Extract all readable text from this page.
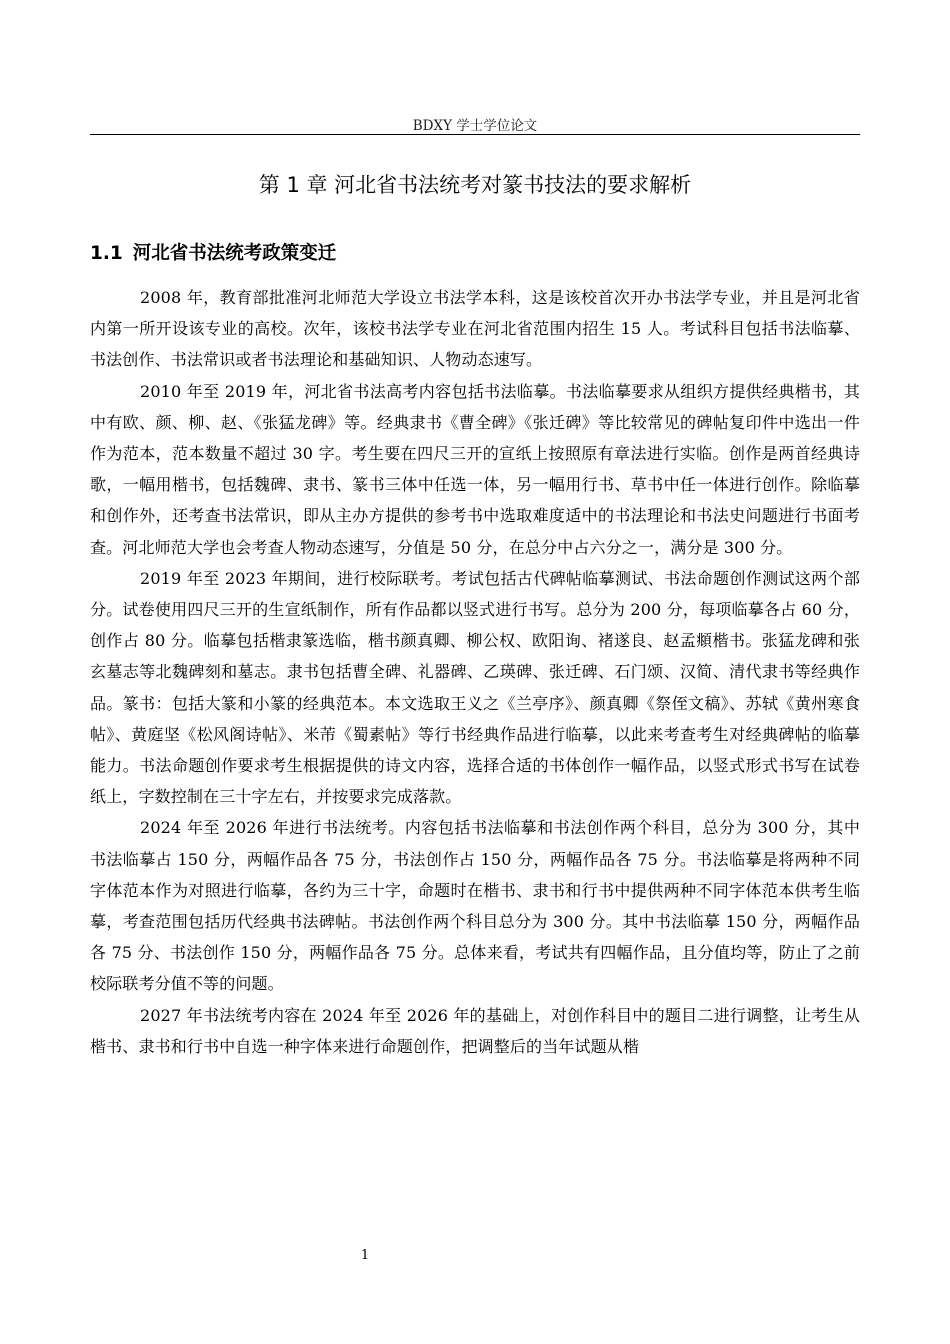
BDXY 学士学位论文
第 1 章 河北省书法统考对篆书技法的要求解析
1.1 河北省书法统考政策变迁

2008 年，教育部批准河北师范大学设立书法学本科，这是该校首次开办书法学专业，并且是河北省内第一所开设该专业的高校。次年，该校书法学专业在河北省范围内招生 15 人。考试科目包括书法临摹、书法创作、书法常识或者书法理论和基础知识、人物动态速写。

2010 年至 2019 年，河北省书法高考内容包括书法临摹。书法临摹要求从组织方提供经典楷书，其中有欧、颜、柳、赵、《张猛龙碑》等。经典隶书《曹全碑》《张迁碑》等比较常见的碑帖复印件中选出一件作为范本，范本数量不超过 30 字。考生要在四尺三开的宣纸上按照原有章法进行实临。创作是两首经典诗歌，一幅用楷书，包括魏碑、隶书、篆书三体中任选一体，另一幅用行书、草书中任一体进行创作。除临摹和创作外，还考查书法常识，即从主办方提供的参考书中选取难度适中的书法理论和书法史问题进行书面考查。河北师范大学也会考查人物动态速写，分值是 50 分，在总分中占六分之一，满分是 300 分。

2019 年至 2023 年期间，进行校际联考。考试包括古代碑帖临摹测试、书法命题创作测试这两个部分。试卷使用四尺三开的生宣纸制作，所有作品都以竖式进行书写。总分为 200 分，每项临摹各占 60 分，创作占 80 分。临摹包括楷隶篆选临，楷书颜真卿、柳公权、欧阳询、褚遂良、赵孟頫楷书。张猛龙碑和张玄墓志等北魏碑刻和墓志。隶书包括曹全碑、礼器碑、乙瑛碑、张迁碑、石门颂、汉简、清代隶书等经典作品。篆书：包括大篆和小篆的经典范本。本文选取王义之《兰亭序》、颜真卿《祭侄文稿》、苏轼《黄州寒食帖》、黄庭坚《松风阁诗帖》、米芾《蜀素帖》等行书经典作品进行临摹，以此来考查考生对经典碑帖的临摹能力。书法命题创作要求考生根据提供的诗文内容，选择合适的书体创作一幅作品，以竖式形式书写在试卷纸上，字数控制在三十字左右，并按要求完成落款。

2024 年至 2026 年进行书法统考。内容包括书法临摹和书法创作两个科目，总分为 300 分，其中书法临摹占 150 分，两幅作品各 75 分，书法创作占 150 分，两幅作品各 75 分。书法临摹是将两种不同字体范本作为对照进行临摹，各约为三十字，命题时在楷书、隶书和行书中提供两种不同字体范本供考生临摹，考查范围包括历代经典书法碑帖。书法创作两个科目总分为 300 分。其中书法临摹 150 分，两幅作品各 75 分、书法创作 150 分，两幅作品各 75 分。总体来看，考试共有四幅作品，且分值均等，防止了之前校际联考分值不等的问题。

2027 年书法统考内容在 2024 年至 2026 年的基础上，对创作科目中的题目二进行调整，让考生从楷书、隶书和行书中自选一种字体来进行命题创作，把调整后的当年试题从楷

1
